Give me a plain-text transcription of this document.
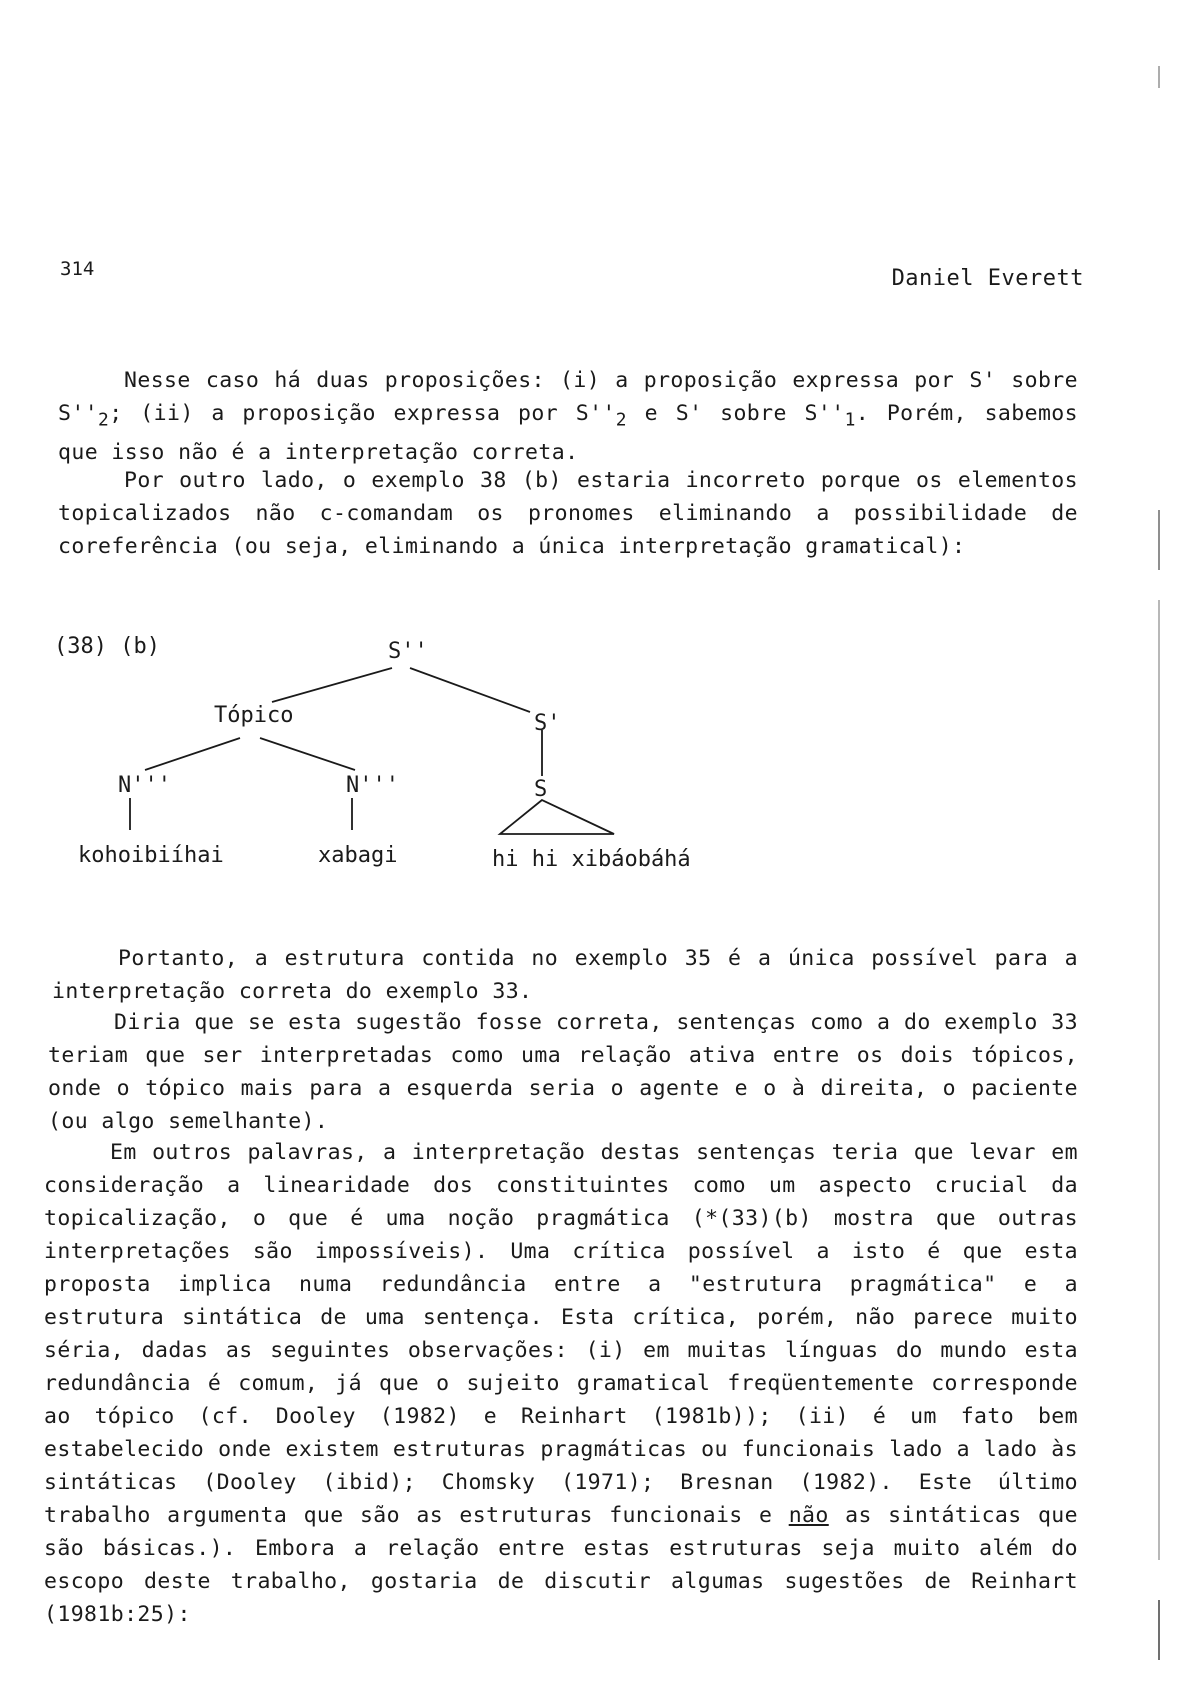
314	Daniel Everett

Nesse caso há duas proposições: (i) a proposição expressa por S' sobre $S''_2$; (ii) a proposição expressa por $S''_2$ e S' sobre $S''_1$. Porém, sabemos que isso não é a interpretação correta.

Por outro lado, o exemplo 38 (b) estaria incorreto porque os elementos topicalizados não c-comandam os pronomes eliminando a possibilidade de coreferência (ou seja, eliminando a única interpretação gramatical):

(38) (b)	S''
Tópico	S'
N'''	N'''	S
kohoibiíhai	xabagi	hi hi xibáobáhá

Portanto, a estrutura contida no exemplo 35 é a única possível para a interpretação correta do exemplo 33.

Diria que se esta sugestão fosse correta, sentenças como a do exemplo 33 teriam que ser interpretadas como uma relação ativa entre os dois tópicos, onde o tópico mais para a esquerda seria o agente e o à direita, o paciente (ou algo semelhante).

Em outros palavras, a interpretação destas sentenças teria que levar em consideração a linearidade dos constituintes como um aspecto crucial da topicalização, o que é uma noção pragmática (*(33)(b) mostra que outras interpretações são impossíveis). Uma crítica possível a isto é que esta proposta implica numa redundância entre a "estrutura pragmática" e a estrutura sintática de uma sentença. Esta crítica, porém, não parece muito séria, dadas as seguintes observações: (i) em muitas línguas do mundo esta redundância é comum, já que o sujeito gramatical freqüentemente corresponde ao tópico (cf. Dooley (1982) e Reinhart (1981b)); (ii) é um fato bem estabelecido onde existem estruturas pragmáticas ou funcionais lado a lado às sintáticas (Dooley (ibid); Chomsky (1971); Bresnan (1982). Este último trabalho argumenta que são as estruturas funcionais e não as sintáticas que são básicas.). Embora a relação entre estas estruturas seja muito além do escopo deste trabalho, gostaria de discutir algumas sugestões de Reinhart (1981b:25):
